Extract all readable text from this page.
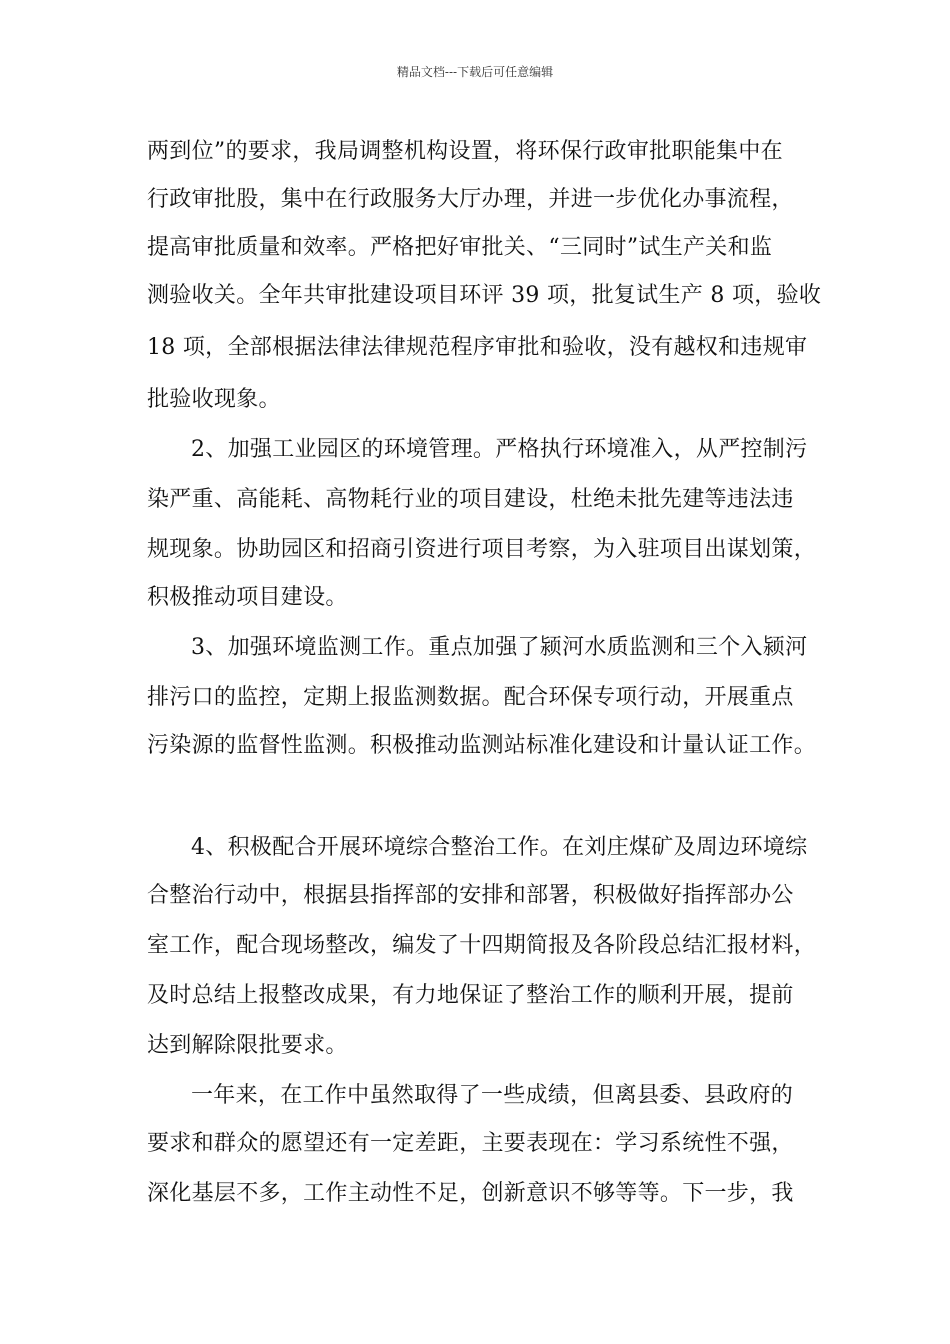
精品文档---下载后可任意编辑
两到位”的要求，我局调整机构设置，将环保行政审批职能集中在
行政审批股，集中在行政服务大厅办理，并进一步优化办事流程，
提高审批质量和效率。严格把好审批关、“三同时”试生产关和监
测验收关。全年共审批建设项目环评 39 项，批复试生产 8 项，验收
18 项，全部根据法律法律规范程序审批和验收，没有越权和违规审
批验收现象。
2、加强工业园区的环境管理。严格执行环境准入，从严控制污
染严重、高能耗、高物耗行业的项目建设，杜绝未批先建等违法违
规现象。协助园区和招商引资进行项目考察，为入驻项目出谋划策，
积极推动项目建设。
3、加强环境监测工作。重点加强了颍河水质监测和三个入颍河
排污口的监控，定期上报监测数据。配合环保专项行动，开展重点
污染源的监督性监测。积极推动监测站标准化建设和计量认证工作。
4、积极配合开展环境综合整治工作。在刘庄煤矿及周边环境综
合整治行动中，根据县指挥部的安排和部署，积极做好指挥部办公
室工作，配合现场整改，编发了十四期简报及各阶段总结汇报材料，
及时总结上报整改成果，有力地保证了整治工作的顺利开展，提前
达到解除限批要求。
一年来，在工作中虽然取得了一些成绩，但离县委、县政府的
要求和群众的愿望还有一定差距，主要表现在：学习系统性不强，
深化基层不多，工作主动性不足，创新意识不够等等。下一步，我
